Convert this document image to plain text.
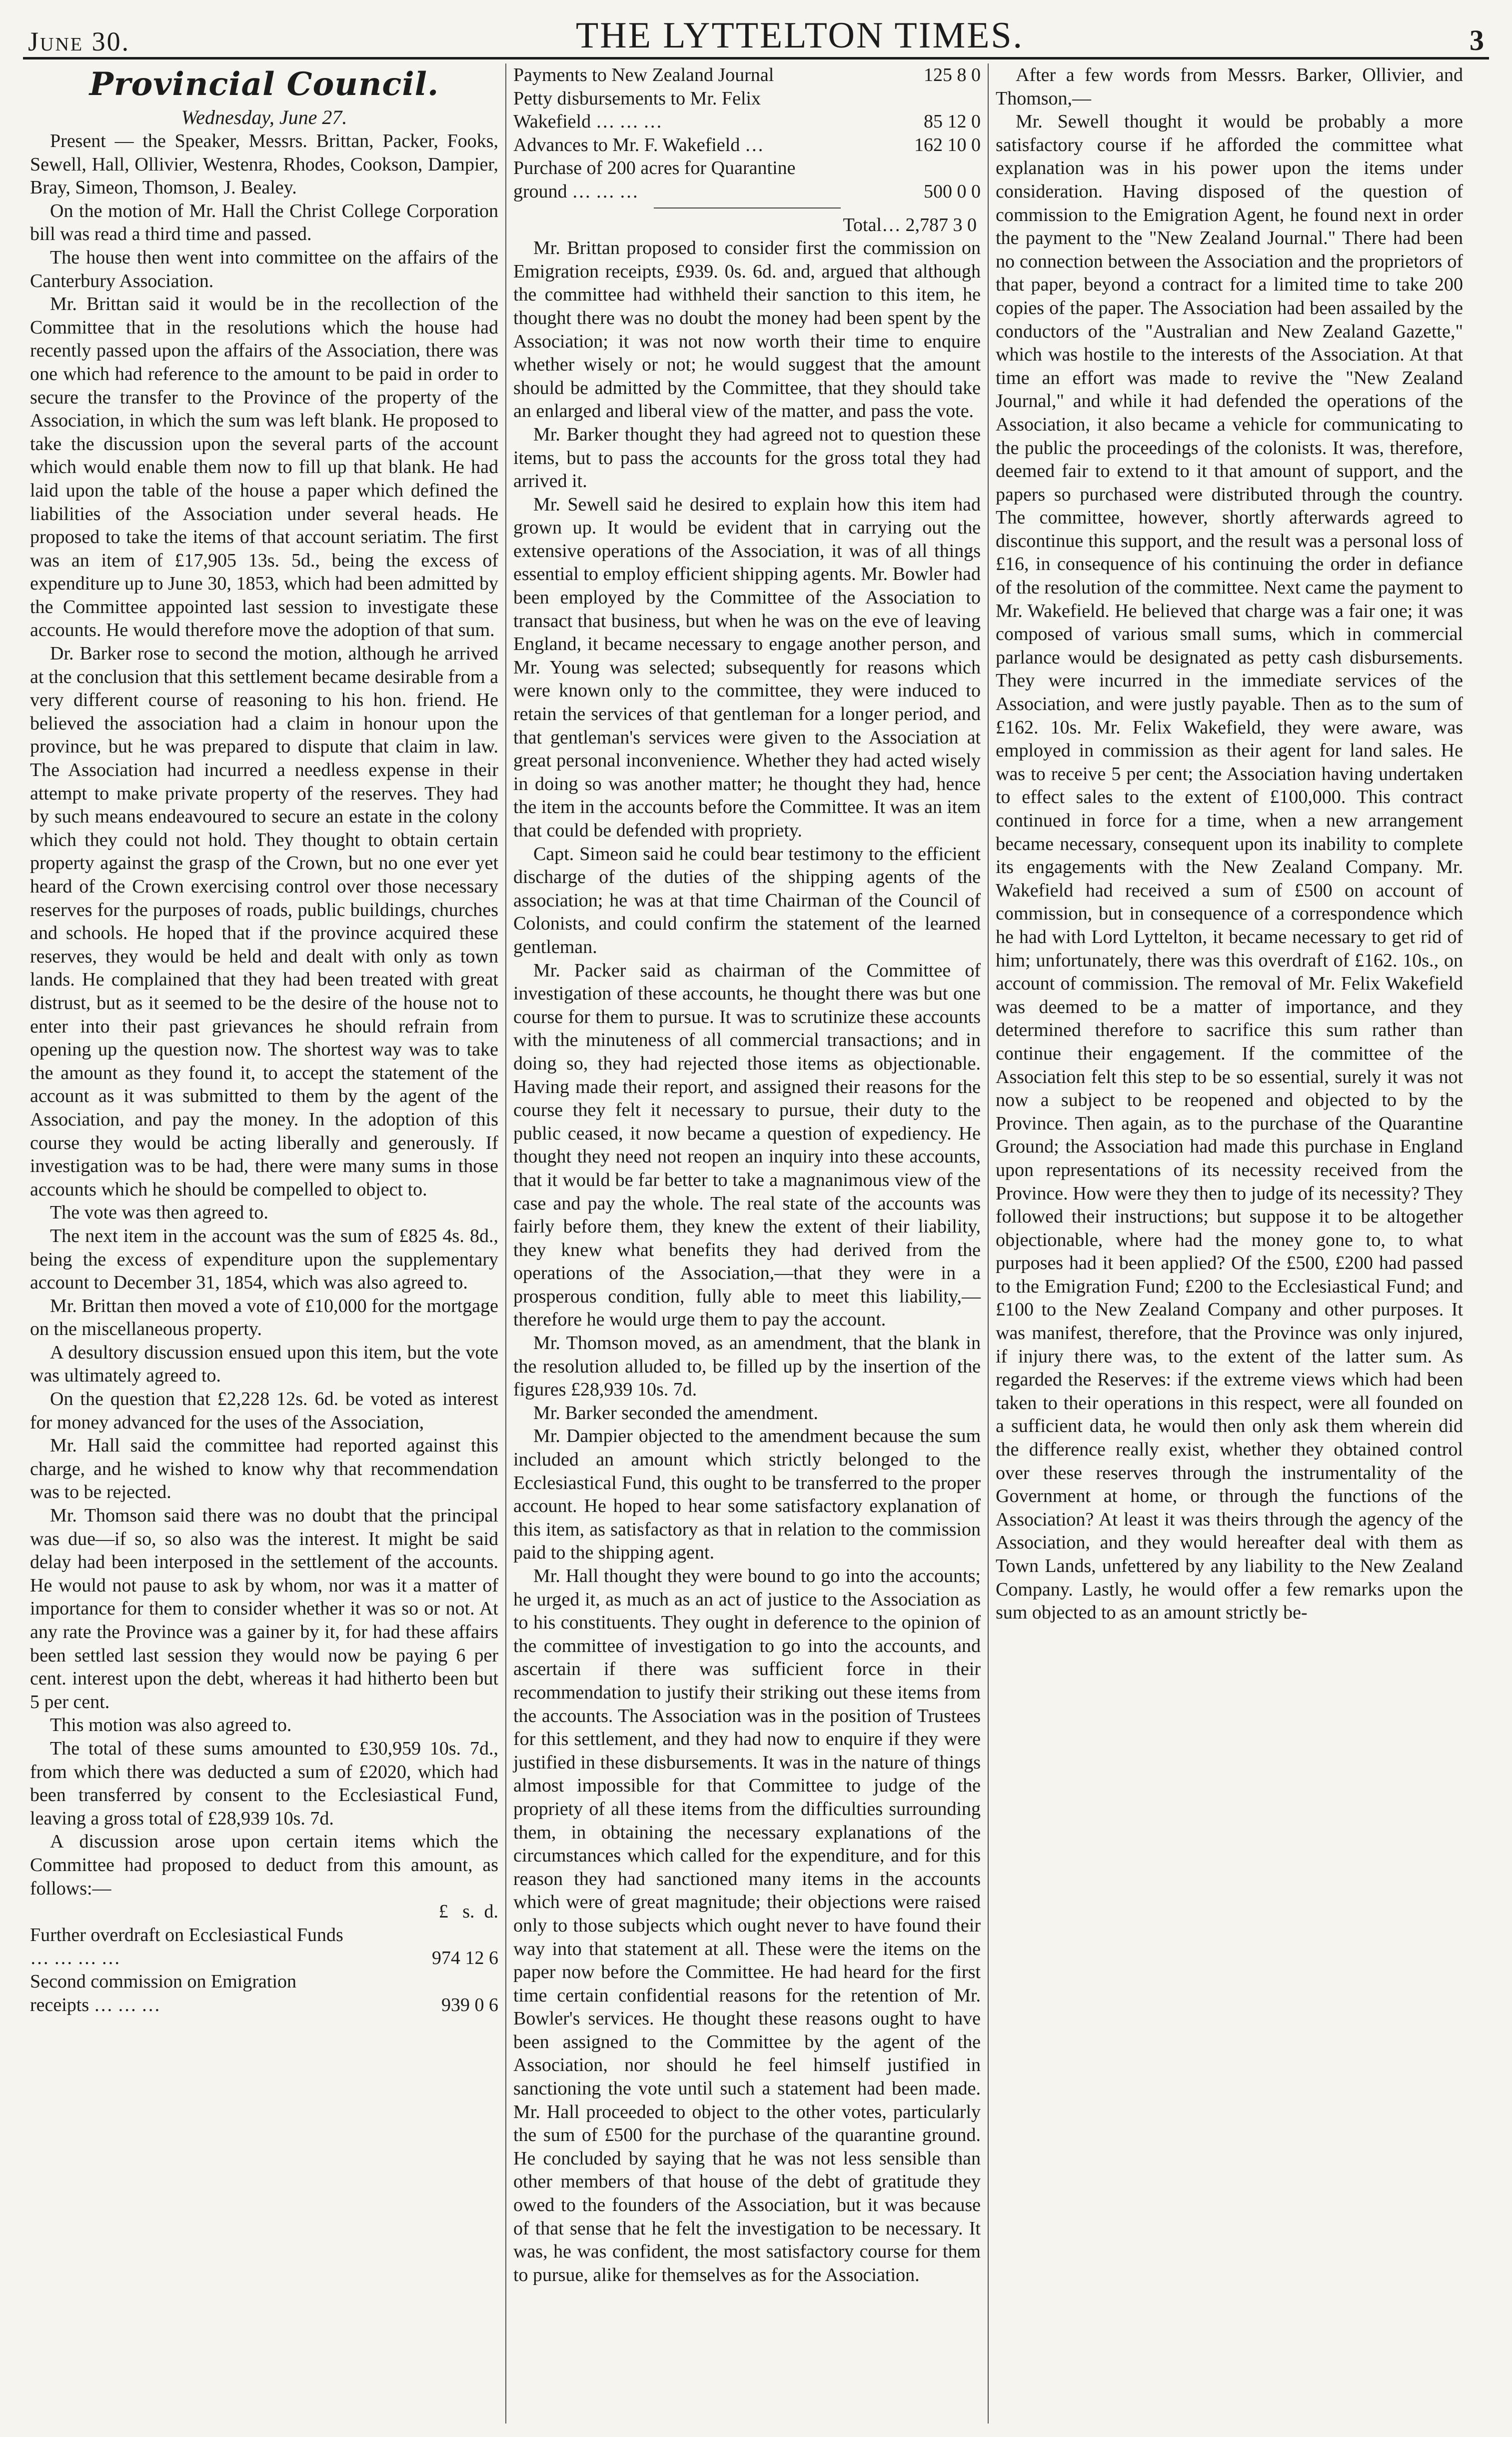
June 30.	THE LYTTELTON TIMES.	3
Provincial Council.
Wednesday, June 27.

Present — the Speaker, Messrs. Brittan, Packer, Fooks, Sewell, Hall, Ollivier, Westenra, Rhodes, Cookson, Dampier, Bray, Simeon, Thomson, J. Bealey.

On the motion of Mr. Hall the Christ College Corporation bill was read a third time and passed.

The house then went into committee on the affairs of the Canterbury Association.

Mr. Brittan said it would be in the recollection of the Committee that in the resolutions which the house had recently passed upon the affairs of the Association, there was one which had reference to the amount to be paid in order to secure the transfer to the Province of the property of the Association, in which the sum was left blank. He proposed to take the discussion upon the several parts of the account which would enable them now to fill up that blank. He had laid upon the table of the house a paper which defined the liabilities of the Association under several heads. He proposed to take the items of that account seriatim. The first was an item of £17,905 13s. 5d., being the excess of expenditure up to June 30, 1853, which had been admitted by the Committee appointed last session to investigate these accounts. He would therefore move the adoption of that sum.

Dr. Barker rose to second the motion, although he arrived at the conclusion that this settlement became desirable from a very different course of reasoning to his hon. friend. He believed the association had a claim in honour upon the province, but he was prepared to dispute that claim in law. The Association had incurred a needless expense in their attempt to make private property of the reserves. They had by such means endeavoured to secure an estate in the colony which they could not hold. They thought to obtain certain property against the grasp of the Crown, but no one ever yet heard of the Crown exercising control over those necessary reserves for the purposes of roads, public buildings, churches and schools. He hoped that if the province acquired these reserves, they would be held and dealt with only as town lands. He complained that they had been treated with great distrust, but as it seemed to be the desire of the house not to enter into their past grievances he should refrain from opening up the question now. The shortest way was to take the amount as they found it, to accept the statement of the account as it was submitted to them by the agent of the Association, and pay the money. In the adoption of this course they would be acting liberally and generously. If investigation was to be had, there were many sums in those accounts which he should be compelled to object to.

The vote was then agreed to.

The next item in the account was the sum of £825 4s. 8d., being the excess of expenditure upon the supplementary account to December 31, 1854, which was also agreed to.

Mr. Brittan then moved a vote of £10,000 for the mortgage on the miscellaneous property.

A desultory discussion ensued upon this item, but the vote was ultimately agreed to.

On the question that £2,228 12s. 6d. be voted as interest for money advanced for the uses of the Association,

Mr. Hall said the committee had reported against this charge, and he wished to know why that recommendation was to be rejected.

Mr. Thomson said there was no doubt that the principal was due—if so, so also was the interest. It might be said delay had been interposed in the settlement of the accounts. He would not pause to ask by whom, nor was it a matter of importance for them to consider whether it was so or not. At any rate the Province was a gainer by it, for had these affairs been settled last session they would now be paying 6 per cent. interest upon the debt, whereas it had hitherto been but 5 per cent.

This motion was also agreed to.

The total of these sums amounted to £30,959 10s. 7d., from which there was deducted a sum of £2020, which had been transferred by consent to the Ecclesiastical Fund, leaving a gross total of £28,939 10s. 7d.

A discussion arose upon certain items which the Committee had proposed to deduct from this amount, as follows:—

	£ s. d.
Further overdraft on Ecclesiastical Funds … … … …	974 12 6
Second commission on Emigration receipts … … …	939 0 6
Payments to New Zealand Journal	125 8 0
Petty disbursements to Mr. Felix Wakefield … … …	85 12 0
Advances to Mr. F. Wakefield …	162 10 0
Purchase of 200 acres for Quarantine ground … … …	500 0 0
Total… 2,787 3 0

Mr. Brittan proposed to consider first the commission on Emigration receipts, £939. 0s. 6d. and, argued that although the committee had withheld their sanction to this item, he thought there was no doubt the money had been spent by the Association; it was not now worth their time to enquire whether wisely or not; he would suggest that the amount should be admitted by the Committee, that they should take an enlarged and liberal view of the matter, and pass the vote.

Mr. Barker thought they had agreed not to question these items, but to pass the accounts for the gross total they had arrived it.

Mr. Sewell said he desired to explain how this item had grown up. It would be evident that in carrying out the extensive operations of the Association, it was of all things essential to employ efficient shipping agents. Mr. Bowler had been employed by the Committee of the Association to transact that business, but when he was on the eve of leaving England, it became necessary to engage another person, and Mr. Young was selected; subsequently for reasons which were known only to the committee, they were induced to retain the services of that gentleman for a longer period, and that gentleman's services were given to the Association at great personal inconvenience. Whether they had acted wisely in doing so was another matter; he thought they had, hence the item in the accounts before the Committee. It was an item that could be defended with propriety.

Capt. Simeon said he could bear testimony to the efficient discharge of the duties of the shipping agents of the association; he was at that time Chairman of the Council of Colonists, and could confirm the statement of the learned gentleman.

Mr. Packer said as chairman of the Committee of investigation of these accounts, he thought there was but one course for them to pursue. It was to scrutinize these accounts with the minuteness of all commercial transactions; and in doing so, they had rejected those items as objectionable. Having made their report, and assigned their reasons for the course they felt it necessary to pursue, their duty to the public ceased, it now became a question of expediency. He thought they need not reopen an inquiry into these accounts, that it would be far better to take a magnanimous view of the case and pay the whole. The real state of the accounts was fairly before them, they knew the extent of their liability, they knew what benefits they had derived from the operations of the Association,—that they were in a prosperous condition, fully able to meet this liability,—therefore he would urge them to pay the account.

Mr. Thomson moved, as an amendment, that the blank in the resolution alluded to, be filled up by the insertion of the figures £28,939 10s. 7d.

Mr. Barker seconded the amendment.

Mr. Dampier objected to the amendment because the sum included an amount which strictly belonged to the Ecclesiastical Fund, this ought to be transferred to the proper account. He hoped to hear some satisfactory explanation of this item, as satisfactory as that in relation to the commission paid to the shipping agent.

Mr. Hall thought they were bound to go into the accounts; he urged it, as much as an act of justice to the Association as to his constituents. They ought in deference to the opinion of the committee of investigation to go into the accounts, and ascertain if there was sufficient force in their recommendation to justify their striking out these items from the accounts. The Association was in the position of Trustees for this settlement, and they had now to enquire if they were justified in these disbursements. It was in the nature of things almost impossible for that Committee to judge of the propriety of all these items from the difficulties surrounding them, in obtaining the necessary explanations of the circumstances which called for the expenditure, and for this reason they had sanctioned many items in the accounts which were of great magnitude; their objections were raised only to those subjects which ought never to have found their way into that statement at all. These were the items on the paper now before the Committee. He had heard for the first time certain confidential reasons for the retention of Mr. Bowler's services. He thought these reasons ought to have been assigned to the Committee by the agent of the Association, nor should he feel himself justified in sanctioning the vote until such a statement had been made. Mr. Hall proceeded to object to the other votes, particularly the sum of £500 for the purchase of the quarantine ground. He concluded by saying that he was not less sensible than other members of that house of the debt of gratitude they owed to the founders of the Association, but it was because of that sense that he felt the investigation to be necessary. It was, he was confident, the most satisfactory course for them to pursue, alike for themselves as for the Association.

After a few words from Messrs. Barker, Ollivier, and Thomson,—

Mr. Sewell thought it would be probably a more satisfactory course if he afforded the committee what explanation was in his power upon the items under consideration. Having disposed of the question of commission to the Emigration Agent, he found next in order the payment to the "New Zealand Journal." There had been no connection between the Association and the proprietors of that paper, beyond a contract for a limited time to take 200 copies of the paper. The Association had been assailed by the conductors of the "Australian and New Zealand Gazette," which was hostile to the interests of the Association. At that time an effort was made to revive the "New Zealand Journal," and while it had defended the operations of the Association, it also became a vehicle for communicating to the public the proceedings of the colonists. It was, therefore, deemed fair to extend to it that amount of support, and the papers so purchased were distributed through the country. The committee, however, shortly afterwards agreed to discontinue this support, and the result was a personal loss of £16, in consequence of his continuing the order in defiance of the resolution of the committee. Next came the payment to Mr. Wakefield. He believed that charge was a fair one; it was composed of various small sums, which in commercial parlance would be designated as petty cash disbursements. They were incurred in the immediate services of the Association, and were justly payable. Then as to the sum of £162. 10s. Mr. Felix Wakefield, they were aware, was employed in commission as their agent for land sales. He was to receive 5 per cent; the Association having undertaken to effect sales to the extent of £100,000. This contract continued in force for a time, when a new arrangement became necessary, consequent upon its inability to complete its engagements with the New Zealand Company. Mr. Wakefield had received a sum of £500 on account of commission, but in consequence of a correspondence which he had with Lord Lyttelton, it became necessary to get rid of him; unfortunately, there was this overdraft of £162. 10s., on account of commission. The removal of Mr. Felix Wakefield was deemed to be a matter of importance, and they determined therefore to sacrifice this sum rather than continue their engagement. If the committee of the Association felt this step to be so essential, surely it was not now a subject to be reopened and objected to by the Province. Then again, as to the purchase of the Quarantine Ground; the Association had made this purchase in England upon representations of its necessity received from the Province. How were they then to judge of its necessity? They followed their instructions; but suppose it to be altogether objectionable, where had the money gone to, to what purposes had it been applied? Of the £500, £200 had passed to the Emigration Fund; £200 to the Ecclesiastical Fund; and £100 to the New Zealand Company and other purposes. It was manifest, therefore, that the Province was only injured, if injury there was, to the extent of the latter sum. As regarded the Reserves: if the extreme views which had been taken to their operations in this respect, were all founded on a sufficient data, he would then only ask them wherein did the difference really exist, whether they obtained control over these reserves through the instrumentality of the Government at home, or through the functions of the Association? At least it was theirs through the agency of the Association, and they would hereafter deal with them as Town Lands, unfettered by any liability to the New Zealand Company. Lastly, he would offer a few remarks upon the sum objected to as an amount strictly be-
